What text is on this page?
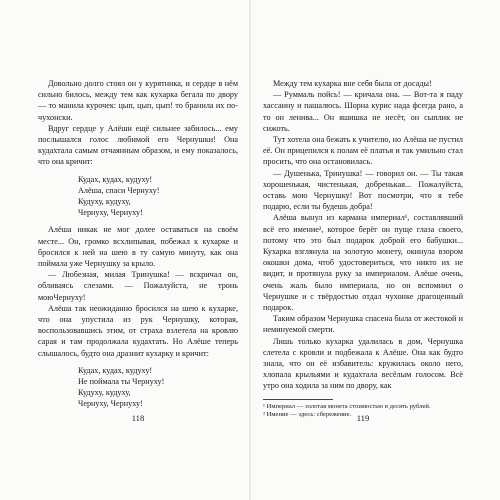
Довольно долго стоял он у курятника, и сердце в нём сильно билось, между тем как кухарка бегала по двору — то манила курочек: цып, цып, цып! то бранила их по-чухонски.

Вдруг сердце у Алёши ещё сильнее забилось... ему послышался голос любимой его Чернушки! Она кудахтала самым отчаянным образом, и ему показалось, что она кричит:

Кудах, кудах, кудуху!
Алёша, спаси Чернуху!
Кудуху, кудуху,
Чернуху, Чернуху!

Алёша никак не мог долее оставаться на своём месте... Он, громко всхлипывая, побежал к кухарке и бросился к ней на шею в ту самую минуту, как она поймала уже Чернушку за крыло.

— Любезная, милая Тринушка! — вскричал он, обливаясь слезами. — Пожалуйста, не тронь моюЧернуху!

Алёша так неожиданно бросился на шею к кухарке, что она упустила из рук Чернушку, которая, воспользовавшись этим, от страха взлетела на кровлю сарая и там продолжала кудахтать. Но Алёше теперь слышалось, будто она дразнит кухарку и кричит:

Кудах, кудах, кудуху!
Не поймала ты Чернуху!
Кудуху, кудуху,
Чернуху, Чернуху!
118

Между тем кухарка вне себя была от досады!

— Руммаль пойсь! — кричала она. — Вот-та я паду хассаину и пашалюсь. Шорна курис нада фсегда рано, а то он ленива... Он яшишка не несёт, он сыплик не сижоть.

Тут хотела она бежать к учителю, но Алёша не пустил её. Он прицепился к полам её платья и так умильно стал просить, что она остановилась.

— Душенька, Тринушка! — говорил он. — Ты такая хорошенькая, чистенькая, добренькая... Пожалуйста, оставь мою Чернушку! Вот посмотри, что я тебе подарю, если ты будешь добра!

Алёша вынул из кармана империал¹, составлявший всё его имение², которое берёг он пуще глаза своего, потому что это был подарок доброй его бабушки... Кухарка взглянула на золотую монету, окинула взором окошки дома, чтоб удостовериться, что никто их не видит, и протянула руку за империалом. Алёше очень, очень жаль было империала, но он вспомнил о Чернушке и с твёрдостью отдал чухонке драгоценный подарок.

Таким образом Чернушка спасена была от жестокой и неминуемой смерти.

Лишь только кухарка удалилась в дом, Чернушка слетела с кровли и подбежала к Алёше. Она как будто знала, что он её избавитель: кружилась около него, хлопала крыльями и кудахтала весёлым голосом. Всё утро она ходила за ним по двору, как

¹ Империал — золотая монета стоимостью в десять рублей.

² Имение — здесь: сбережение. 119
